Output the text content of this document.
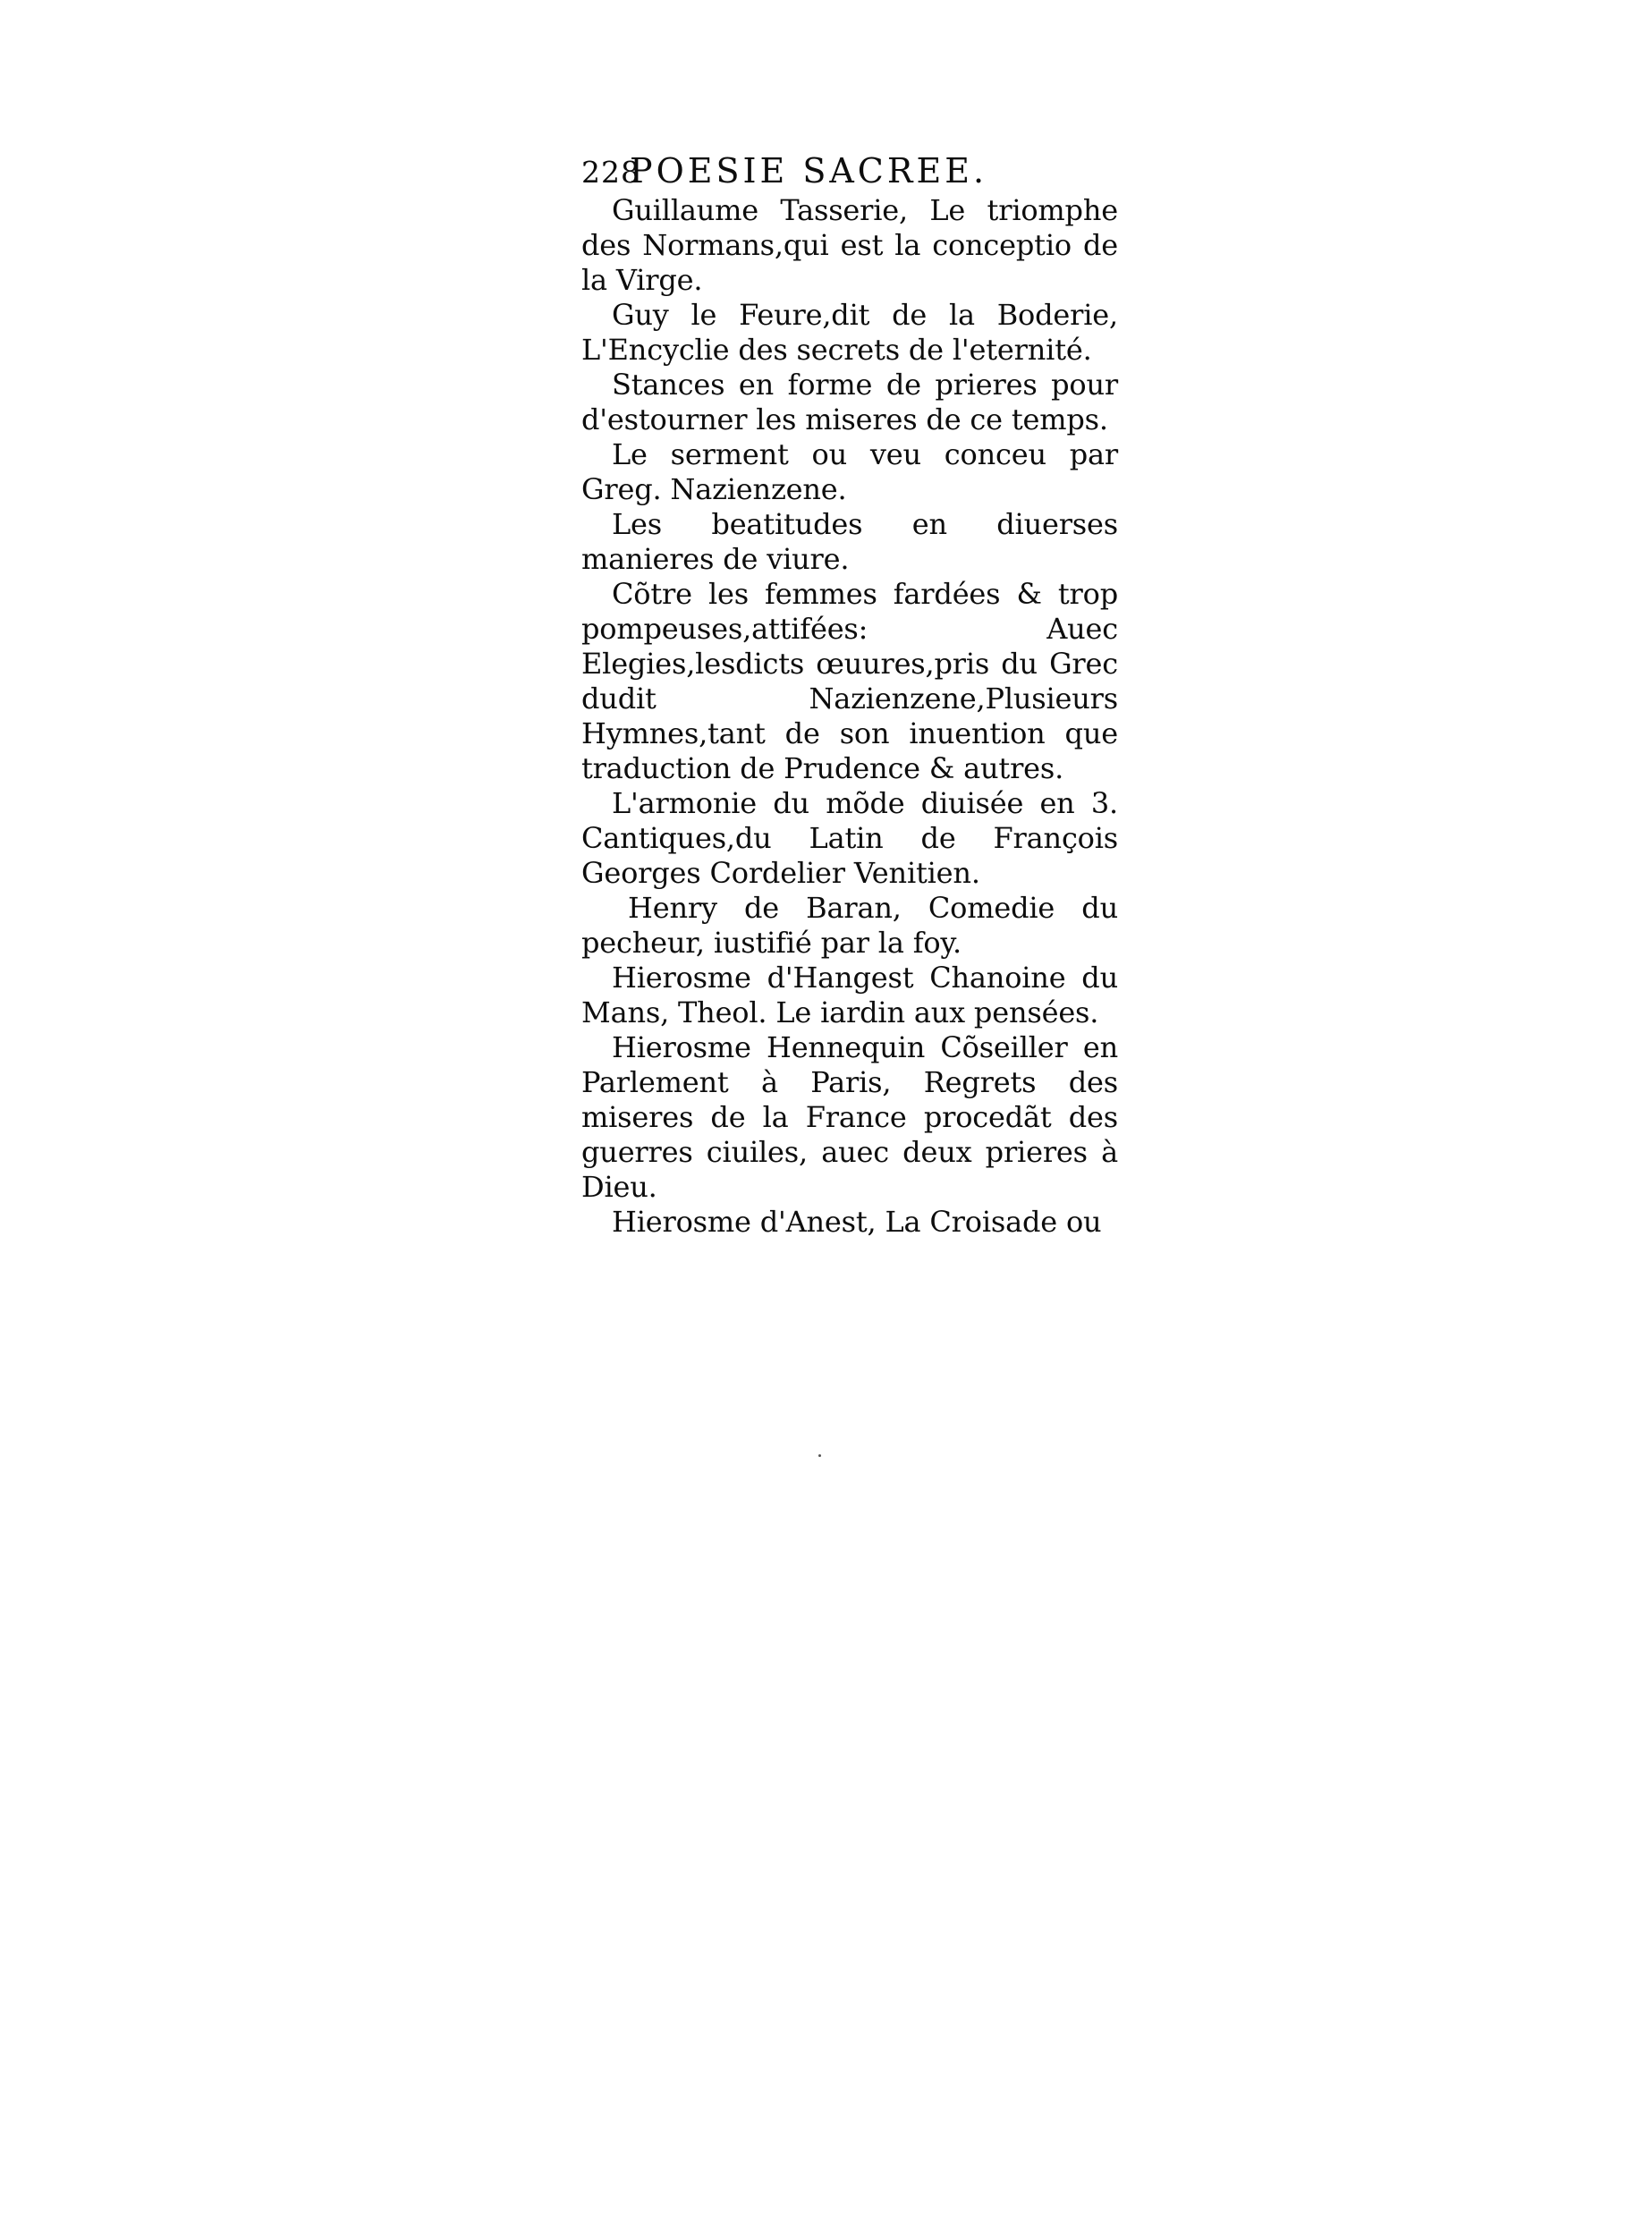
228
POESIE SACREE.

Guillaume Tasserie, Le triomphe des Normans,qui est la conceptio de la Virge.

Guy le Feure,dit de la Boderie, L'Encyclie des secrets de l'eternité.

Stances en forme de prieres pour d'estourner les miseres de ce temps.

Le serment ou veu conceu par Greg. Nazienzene.

Les beatitudes en diuerses manieres de viure.

Cõtre les femmes fardées & trop pompeuses,attifées: Auec Elegies,lesdicts œuures,pris du Grec dudit Nazienzene,Plusieurs Hymnes,tant de son inuention que traduction de Prudence & autres.

L'armonie du mõde diuisée en 3. Cantiques,du Latin de François Georges Cordelier Venitien.

Henry de Baran, Comedie du pecheur, iustifié par la foy.

Hierosme d'Hangest Chanoine du Mans, Theol. Le iardin aux pensées.

Hierosme Hennequin Cõseiller en Parlement à Paris, Regrets des miseres de la France procedãt des guerres ciuiles, auec deux prieres à Dieu.

Hierosme d'Anest, La Croisade ou
